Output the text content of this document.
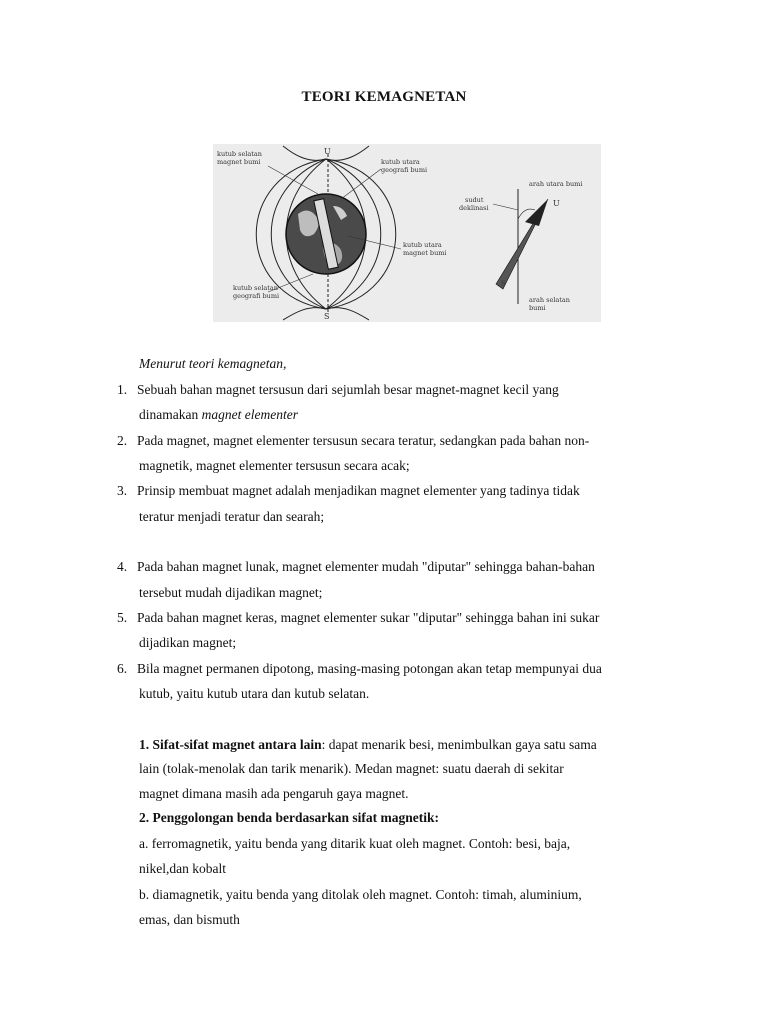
TEORI KEMAGNETAN
kutub selatan
magnet bumi	kutub utara
geografi bumi
kutub utara
magnet bumi
kutub selatan
geografi bumi
U
S
sudut
deklinasi
arah utara bumi
U
S
arah selatan
bumi
Menurut teori kemagnetan,
1. Sebuah bahan magnet tersusun dari sejumlah besar magnet-magnet kecil yang
dinamakan magnet elementer
2. Pada magnet, magnet elementer tersusun secara teratur, sedangkan pada bahan non-
magnetik, magnet elementer tersusun secara acak;
3. Prinsip membuat magnet adalah menjadikan magnet elementer yang tadinya tidak
teratur menjadi teratur dan searah;
4. Pada bahan magnet lunak, magnet elementer mudah "diputar" sehingga bahan-bahan
tersebut mudah dijadikan magnet;
5. Pada bahan magnet keras, magnet elementer sukar "diputar" sehingga bahan ini sukar
dijadikan magnet;
6. Bila magnet permanen dipotong, masing-masing potongan akan tetap mempunyai dua
kutub, yaitu kutub utara dan kutub selatan.
1. Sifat-sifat magnet antara lain: dapat menarik besi, menimbulkan gaya satu sama
lain (tolak-menolak dan tarik menarik). Medan magnet: suatu daerah di sekitar
magnet dimana masih ada pengaruh gaya magnet.
2. Penggolongan benda berdasarkan sifat magnetik:
a. ferromagnetik, yaitu benda yang ditarik kuat oleh magnet. Contoh: besi, baja,
nikel,dan kobalt
b. diamagnetik, yaitu benda yang ditolak oleh magnet. Contoh: timah, aluminium,
emas, dan bismuth
